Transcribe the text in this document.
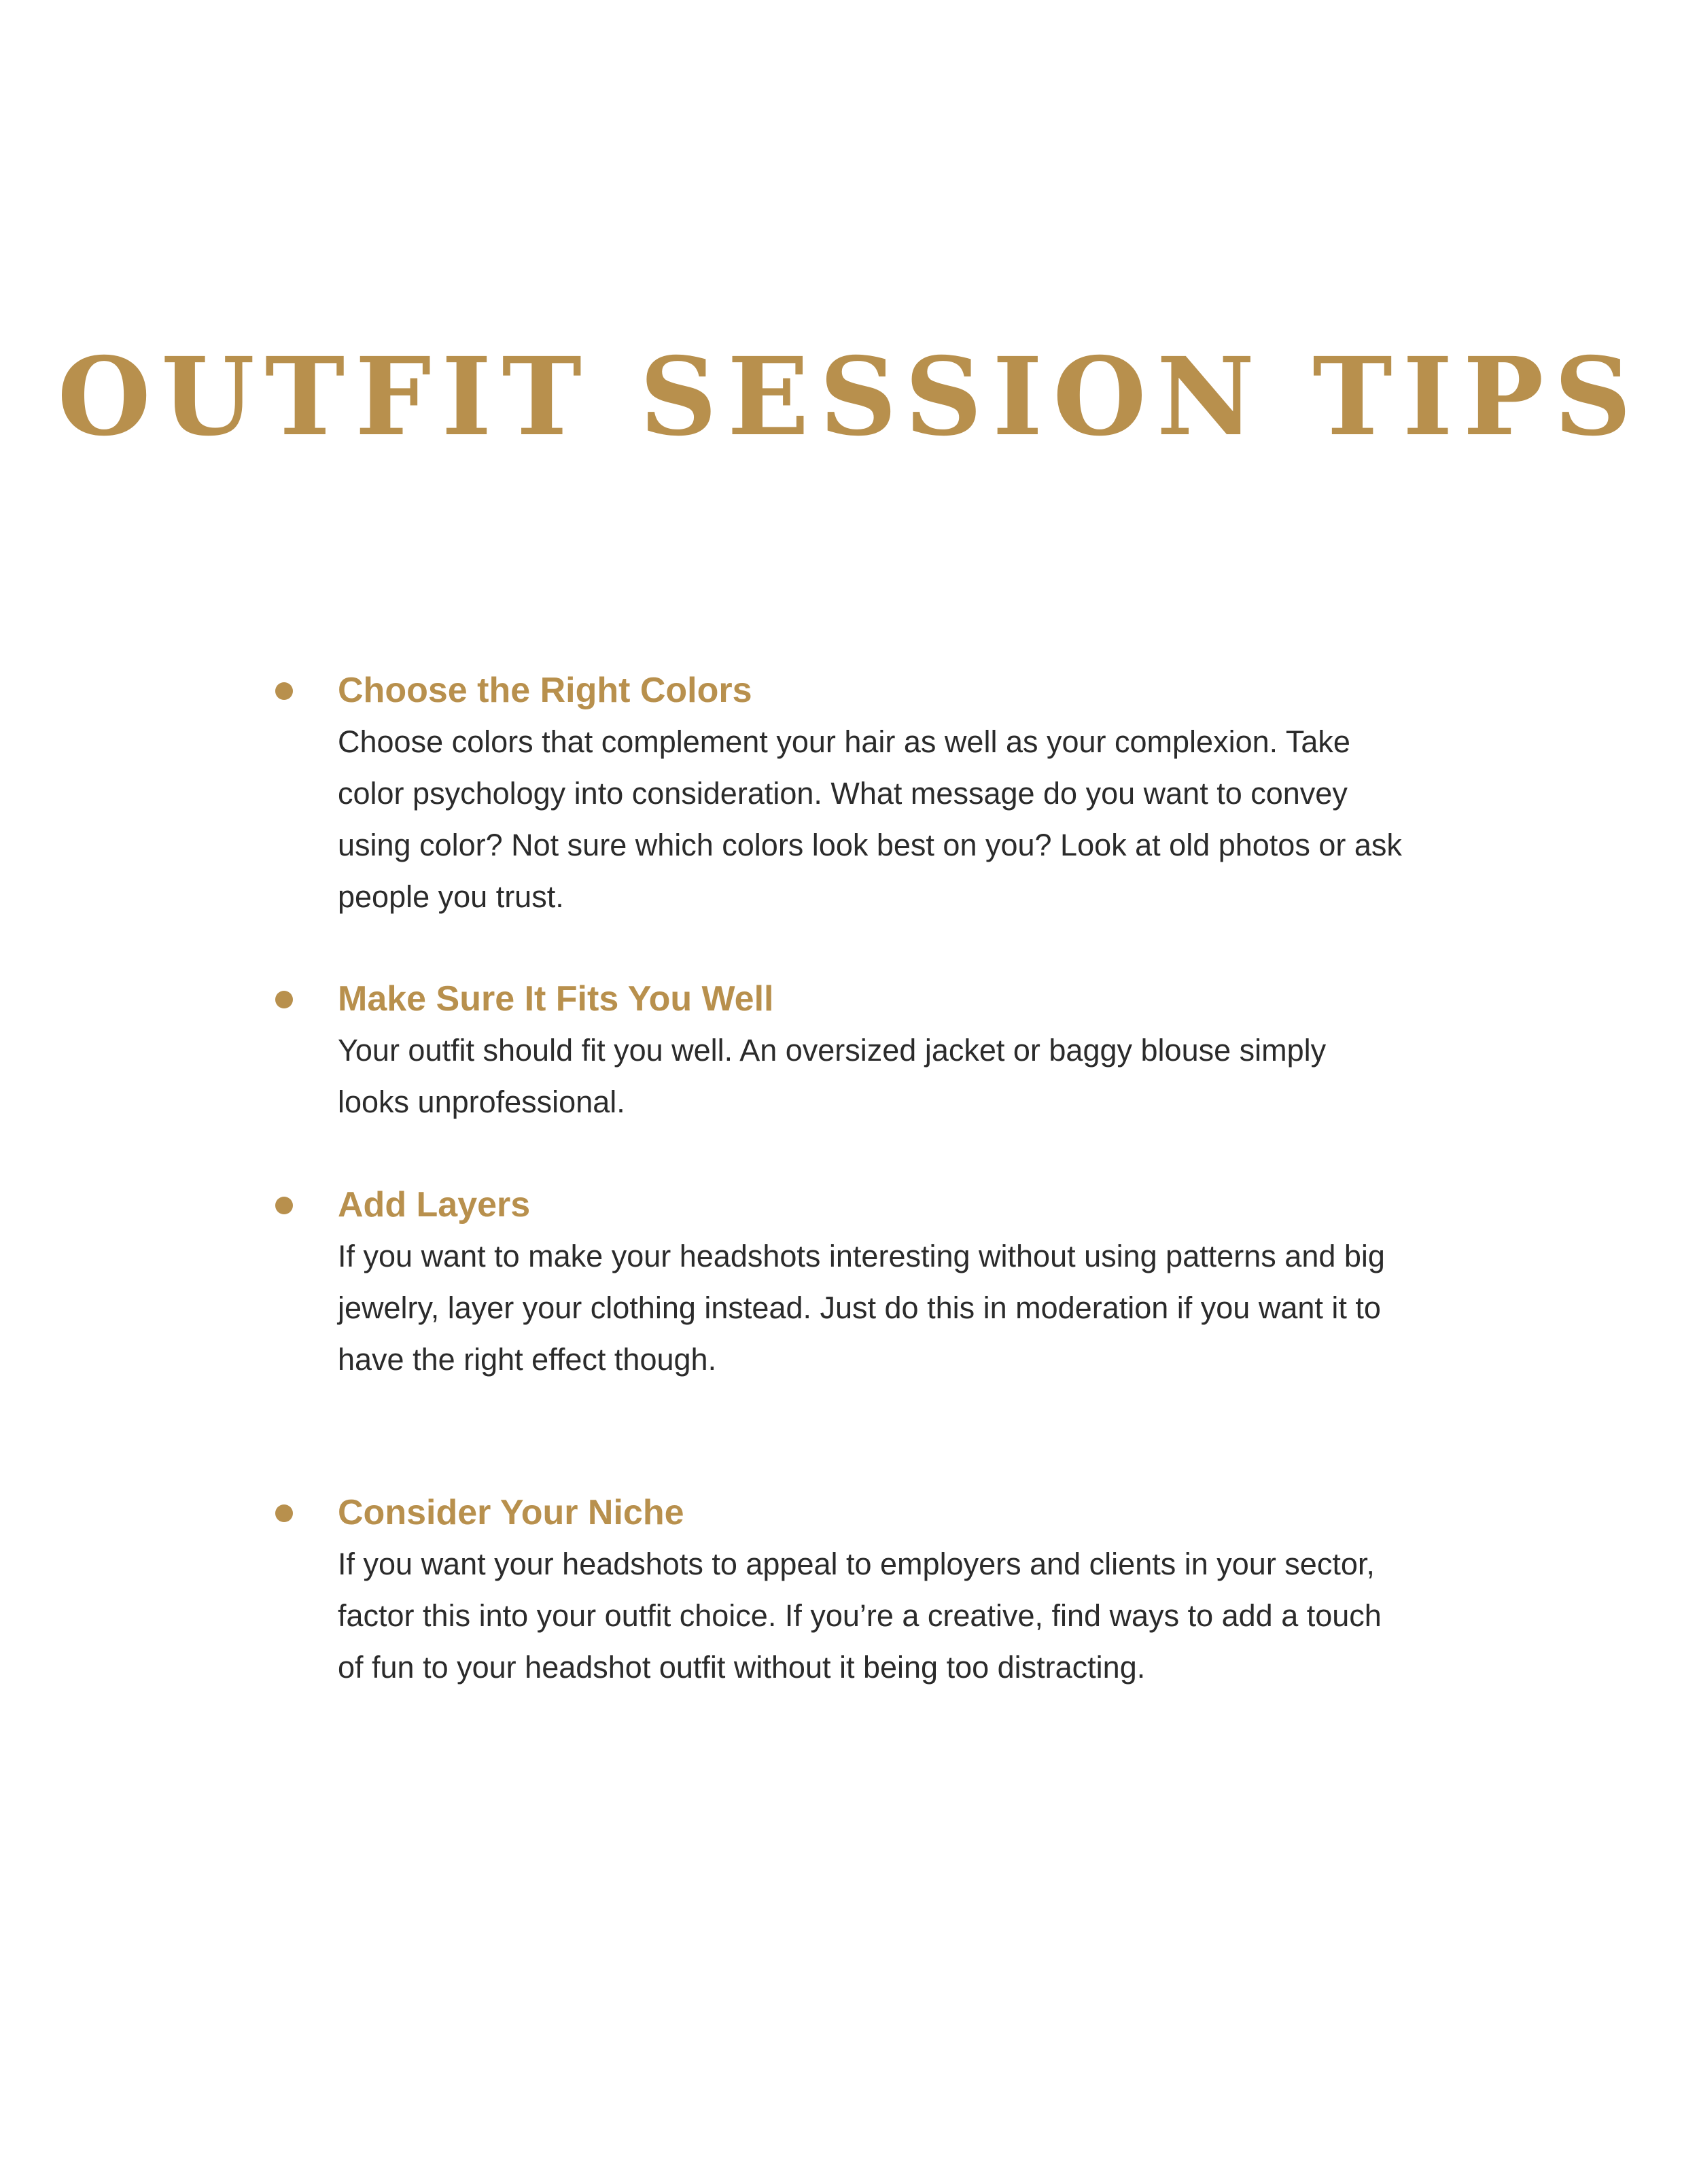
OUTFIT SESSION TIPS
Choose the Right Colors

Choose colors that complement your hair as well as your complexion. Take
color psychology into consideration. What message do you want to convey
using color? Not sure which colors look best on you? Look at old photos or ask
people you trust.

Make Sure It Fits You Well

Your outfit should fit you well. An oversized jacket or baggy blouse simply
looks unprofessional.

Add Layers

If you want to make your headshots interesting without using patterns and big
jewelry, layer your clothing instead. Just do this in moderation if you want it to
have the right effect though.

Consider Your Niche

If you want your headshots to appeal to employers and clients in your sector,
factor this into your outfit choice. If you’re a creative, find ways to add a touch
of fun to your headshot outfit without it being too distracting.
